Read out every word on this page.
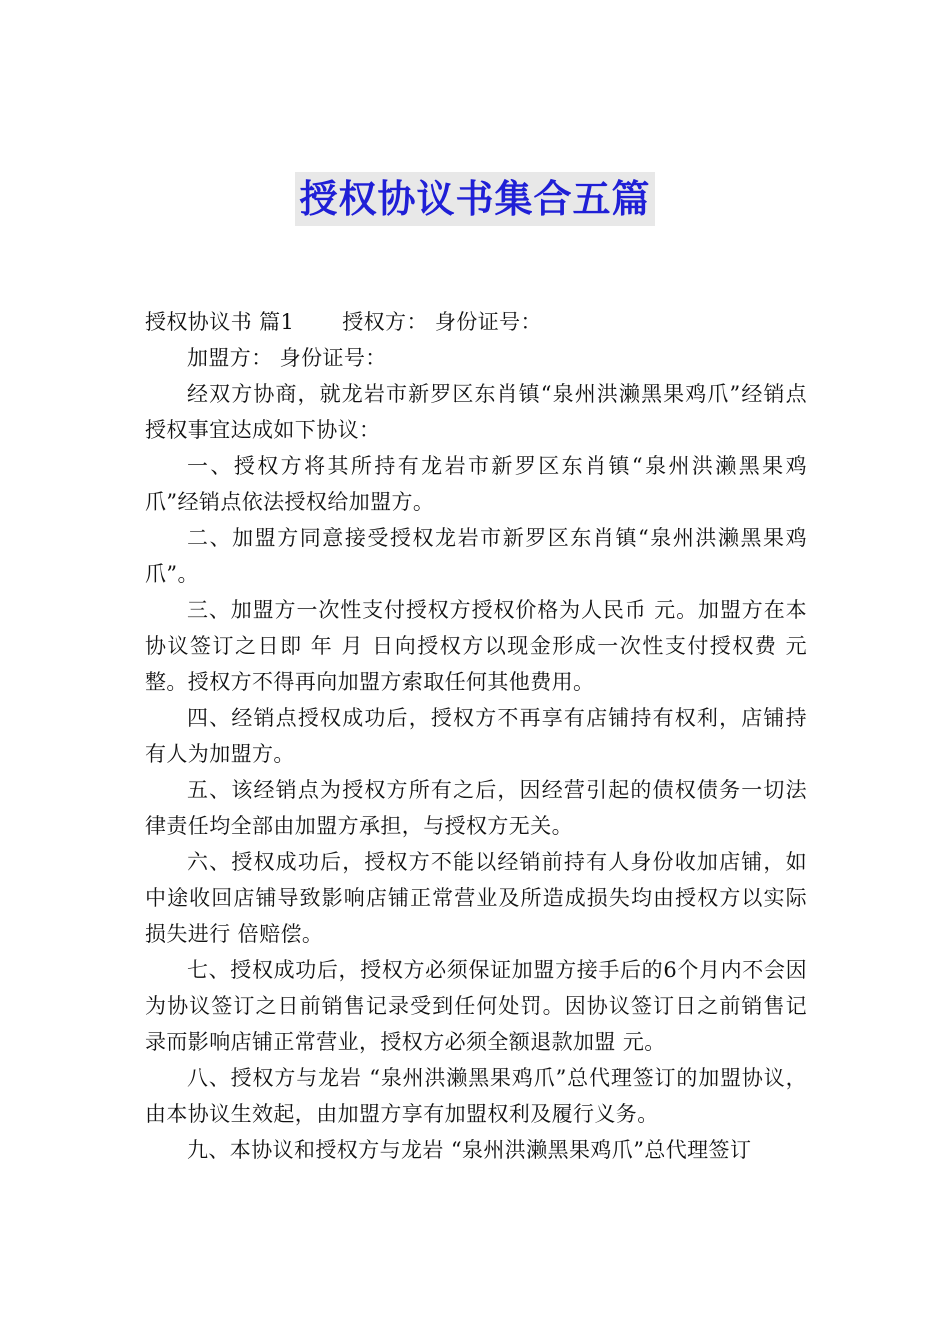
授权协议书集合五篇

授权协议书 篇1 授权方： 身份证号：

加盟方： 身份证号：

经双方协商，就龙岩市新罗区东肖镇“泉州洪濑黑果鸡爪”经销点授权事宜达成如下协议：

一、授权方将其所持有龙岩市新罗区东肖镇“泉州洪濑黑果鸡爪”经销点依法授权给加盟方。

二、加盟方同意接受授权龙岩市新罗区东肖镇“泉州洪濑黑果鸡爪”。

三、加盟方一次性支付授权方授权价格为人民币 元。加盟方在本协议签订之日即 年 月 日向授权方以现金形成一次性支付授权费 元整。授权方不得再向加盟方索取任何其他费用。

四、经销点授权成功后，授权方不再享有店铺持有权利，店铺持有人为加盟方。

五、该经销点为授权方所有之后，因经营引起的债权债务一切法律责任均全部由加盟方承担，与授权方无关。

六、授权成功后，授权方不能以经销前持有人身份收加店铺，如中途收回店铺导致影响店铺正常营业及所造成损失均由授权方以实际损失进行 倍赔偿。

七、授权成功后，授权方必须保证加盟方接手后的6个月内不会因为协议签订之日前销售记录受到任何处罚。因协议签订日之前销售记录而影响店铺正常营业，授权方必须全额退款加盟 元。

八、授权方与龙岩 “泉州洪濑黑果鸡爪”总代理签订的加盟协议，由本协议生效起，由加盟方享有加盟权利及履行义务。

九、本协议和授权方与龙岩 “泉州洪濑黑果鸡爪”总代理签订
